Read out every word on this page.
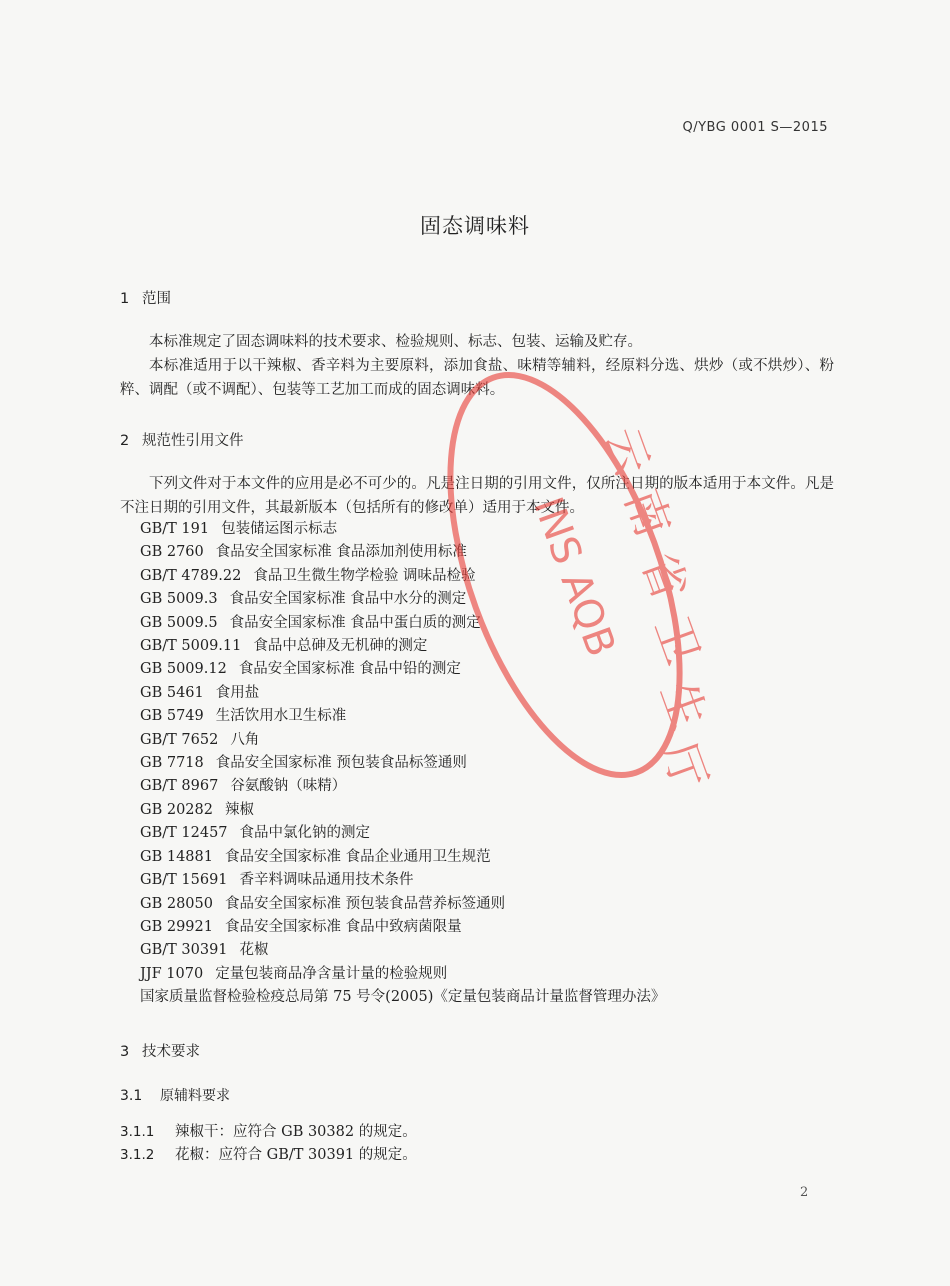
Q/YBG 0001 S—2015
固态调味料
1 范围

本标准规定了固态调味料的技术要求、检验规则、标志、包装、运输及贮存。

本标准适用于以干辣椒、香辛料为主要原料，添加食盐、味精等辅料，经原料分选、烘炒（或不烘炒）、粉粹、调配（或不调配）、包装等工艺加工而成的固态调味料。

2 规范性引用文件

下列文件对于本文件的应用是必不可少的。凡是注日期的引用文件，仅所注日期的版本适用于本文件。凡是不注日期的引用文件，其最新版本（包括所有的修改单）适用于本文件。

GB/T 191 包装储运图示标志
GB 2760 食品安全国家标准 食品添加剂使用标准
GB/T 4789.22 食品卫生微生物学检验 调味品检验
GB 5009.3 食品安全国家标准 食品中水分的测定
GB 5009.5 食品安全国家标准 食品中蛋白质的测定
GB/T 5009.11 食品中总砷及无机砷的测定
GB 5009.12 食品安全国家标准 食品中铅的测定
GB 5461 食用盐
GB 5749 生活饮用水卫生标准
GB/T 7652 八角
GB 7718 食品安全国家标准 预包装食品标签通则
GB/T 8967 谷氨酸钠（味精）
GB 20282 辣椒
GB/T 12457 食品中氯化钠的测定
GB 14881 食品安全国家标准 食品企业通用卫生规范
GB/T 15691 香辛料调味品通用技术条件
GB 28050 食品安全国家标准 预包装食品营养标签通则
GB 29921 食品安全国家标准 食品中致病菌限量
GB/T 30391 花椒
JJF 1070 定量包装商品净含量计量的检验规则
国家质量监督检验检疫总局第 75 号令(2005)《定量包装商品计量监督管理办法》
3 技术要求
3.1 原辅料要求
3.1.1 辣椒干：应符合 GB 30382 的规定。
3.1.2 花椒：应符合 GB/T 30391 的规定。
2
云
南
省
卫
生
厅
INS AQB
